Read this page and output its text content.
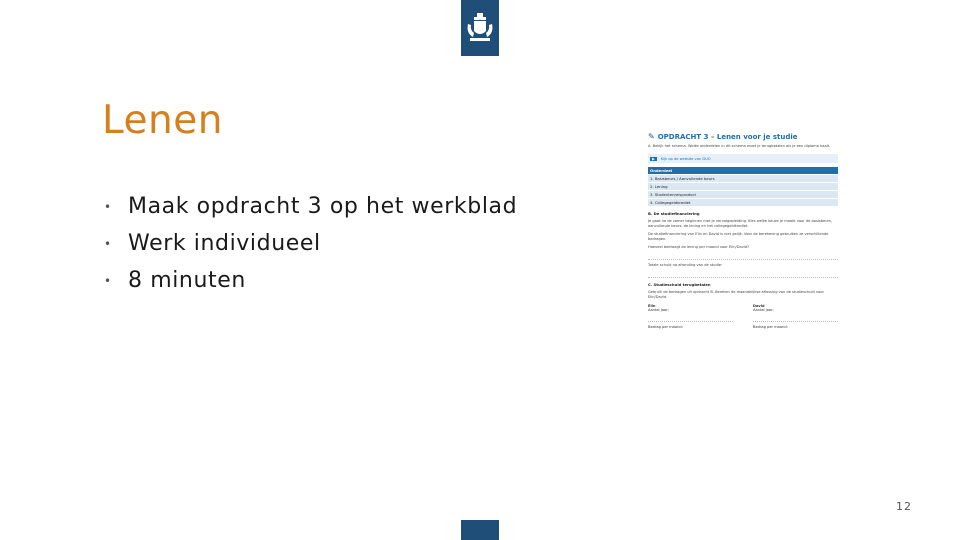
Lenen
• Maak opdracht 3 op het werkblad
• Werk individueel
• 8 minuten
✎ OPDRACHT 3 – Lenen voor je studie
A. Bekijk het schema. Welke onderdelen in dit schema moet je terugbetalen als je een diploma haalt.
▶	Kijk op de website van DUO
Onderdeel
1. Basisbeurs / Aanvullende beurs
2. Lening
3. Studentenreisproduct
4. Collegegeldkrediet
B. De studiefinanciering
Je gaat na de zomer beginnen met je vervolgopleiding. Kies welke keuze je maakt voor de basisbeurs, aanvullende beurs, de lening en het collegegeldkrediet.
De studiefinanciering van Elin en David is niet gelijk. Voor de berekening gebruiken ze verschillende bedragen.
Hoeveel bedraagt de lening per maand voor Elin/David?
Totale schuld na afronding van de studie:
C. Studieschuld terugbetalen
Gebruik de bedragen uit opdracht B. Bereken de maandelijkse aflossing van de studieschuld voor Elin/David.
Elin
Aantal jaar:
Bedrag per maand:
David
Aantal jaar:
Bedrag per maand:
12
